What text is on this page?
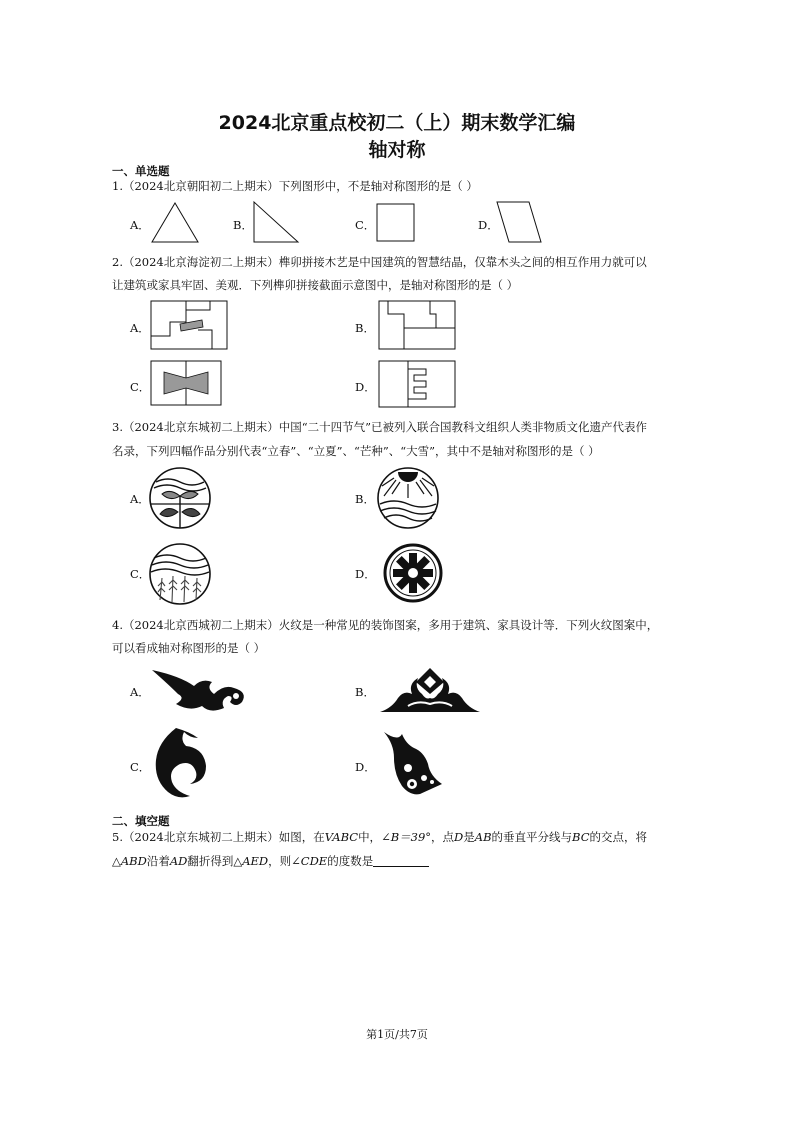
2024北京重点校初二（上）期末数学汇编
轴对称
一、单选题
1.（2024北京朝阳初二上期末）下列图形中，不是轴对称图形的是（ ）
A．	B．	C．	D．
2.（2024北京海淀初二上期末）榫卯拼接木艺是中国建筑的智慧结晶，仅靠木头之间的相互作用力就可以
让建筑或家具牢固、美观．下列榫卯拼接截面示意图中，是轴对称图形的是（ ）
A．	B．
C．	D．
3.（2024北京东城初二上期末）中国“二十四节气”已被列入联合国教科文组织人类非物质文化遗产代表作
名录，下列四幅作品分别代表“立春”、“立夏”、“芒种”、“大雪”，其中不是轴对称图形的是（ ）
A．	B．
C．	D．
4.（2024北京西城初二上期末）火纹是一种常见的装饰图案，多用于建筑、家具设计等．下列火纹图案中，
可以看成轴对称图形的是（ ）
A．	B．
C．	D．
二、填空题
5.（2024北京东城初二上期末）如图，在VABC中，∠B＝39°，点D是AB的垂直平分线与BC的交点，将
△ABD沿着AD翻折得到△AED，则∠CDE的度数是
第1页/共7页
